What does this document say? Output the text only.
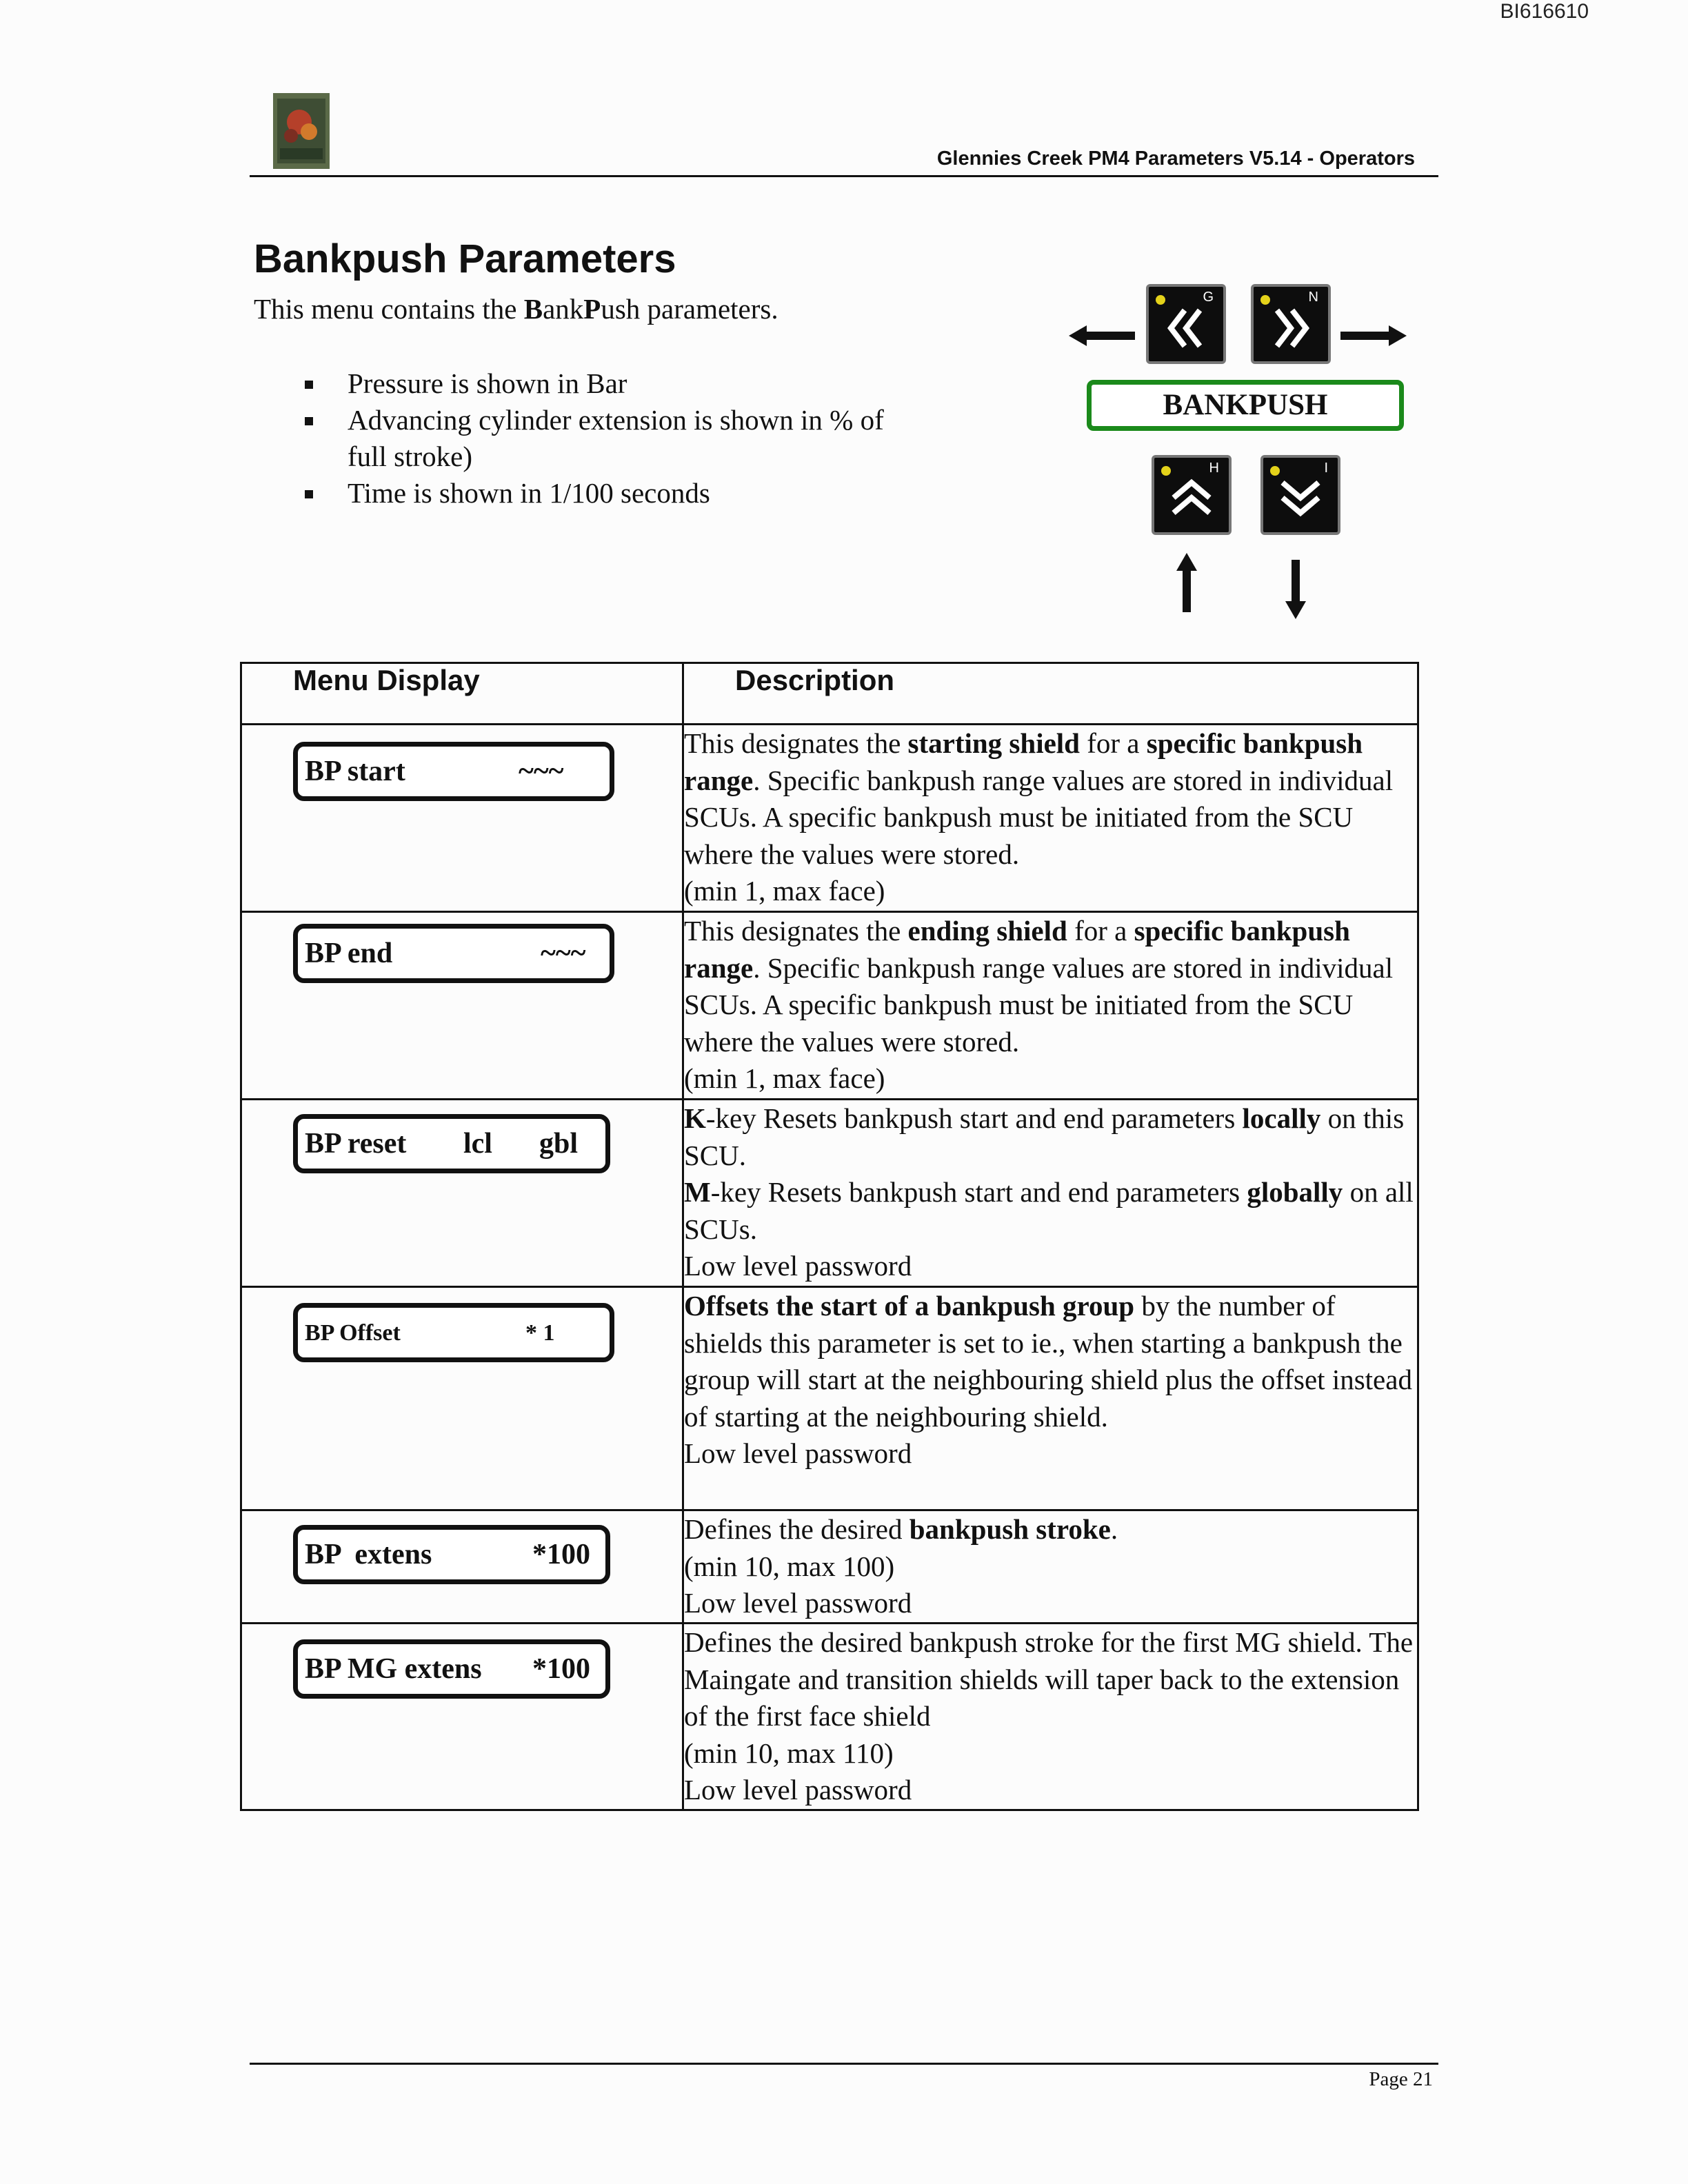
BI616610
Glennies Creek PM4 Parameters V5.14 - Operators
Bankpush Parameters
This menu contains the BankPush parameters.
Pressure is shown in Bar
Advancing cylinder extension is shown in % of full stroke)
Time is shown in 1/100 seconds
G	N
BANKPUSH
H	I
Menu Display	Description

BP start ~~~	This designates the starting shield for a specific bankpush range. Specific bankpush range values are stored in individual SCUs. A specific bankpush must be initiated from the SCU where the values were stored.
(min 1, max face)

BP end ~~~	This designates the ending shield for a specific bankpush range. Specific bankpush range values are stored in individual SCUs. A specific bankpush must be initiated from the SCU where the values were stored.
(min 1, max face)

BP reset lcl gbl	K-key Resets bankpush start and end parameters locally on this SCU.
M-key Resets bankpush start and end parameters globally on all SCUs.
Low level password

BP Offset * 1	Offsets the start of a bankpush group by the number of shields this parameter is set to ie., when starting a bankpush the group will start at the neighbouring shield plus the offset instead of starting at the neighbouring shield.
Low level password

BP  extens *100	Defines the desired bankpush stroke.
(min 10, max 100)
Low level password

BP MG extens *100	Defines the desired bankpush stroke for the first MG shield. The Maingate and transition shields will taper back to the extension of the first face shield
(min 10, max 110)
Low level password
Page 21
